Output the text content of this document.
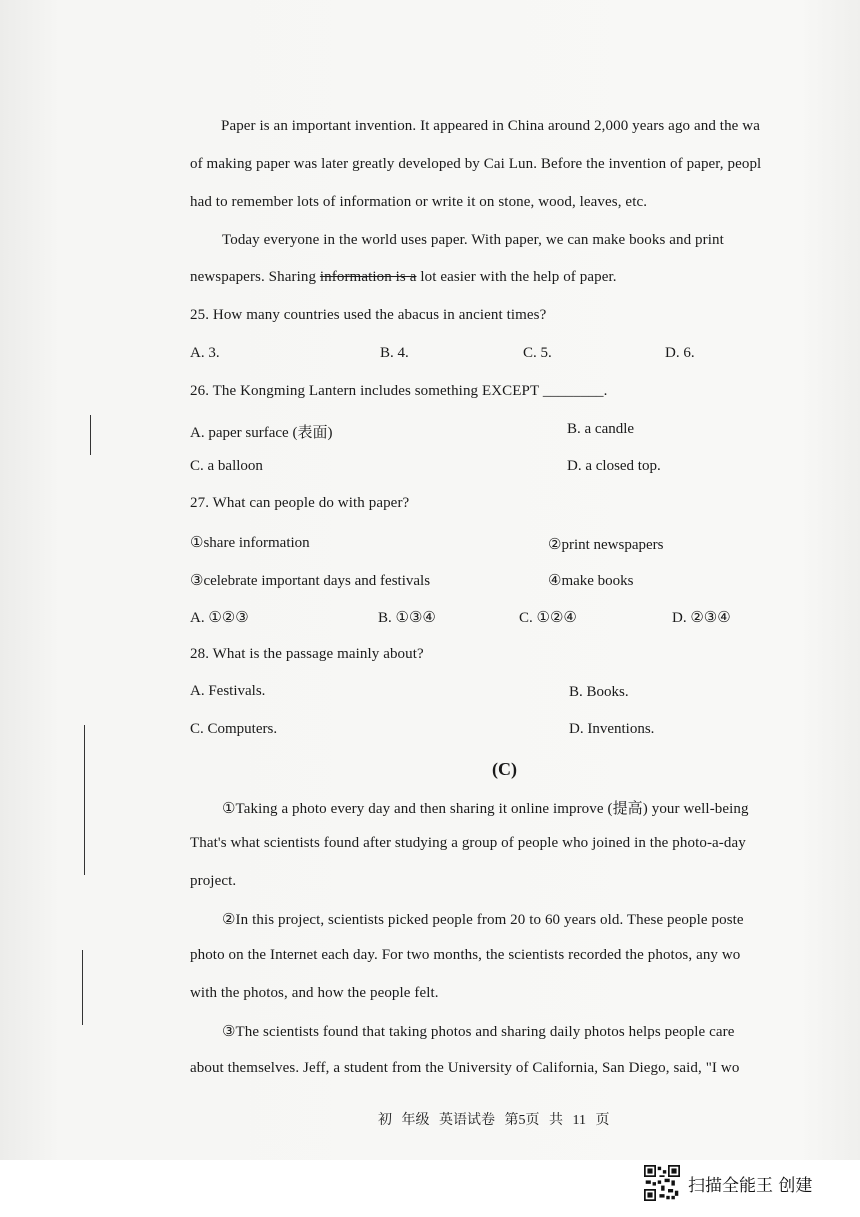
Paper is an important invention. It appeared in China around 2,000 years ago and the wa
of making paper was later greatly developed by Cai Lun. Before the invention of paper, peopl
had to remember lots of information or write it on stone, wood, leaves, etc.
Today everyone in the world uses paper. With paper, we can make books and print
newspapers. Sharing information is a lot easier with the help of paper.
25. How many countries used the abacus in ancient times?
A. 3.	B. 4.	C. 5.	D. 6.
26. The Kongming Lantern includes something EXCEPT ________.
A. paper surface (表面)	B. a candle
C. a balloon	D. a closed top.
27. What can people do with paper?
①share information	②print newspapers
③celebrate important days and festivals	④make books
A. ①②③	B. ①③④	C. ①②④	D. ②③④
28. What is the passage mainly about?
A. Festivals.	B. Books.
C. Computers.	D. Inventions.
(C)
①Taking a photo every day and then sharing it online improve (提高) your well-being
That's what scientists found after studying a group of people who joined in the photo-a-day
project.
②In this project, scientists picked people from 20 to 60 years old. These people poste
photo on the Internet each day. For two months, the scientists recorded the photos, any wo
with the photos, and how the people felt.
③The scientists found that taking photos and sharing daily photos helps people care
about themselves. Jeff, a student from the University of California, San Diego, said, "I wo
初 年级 英语试卷 第5页 共 11 页
扫描全能王 创建
